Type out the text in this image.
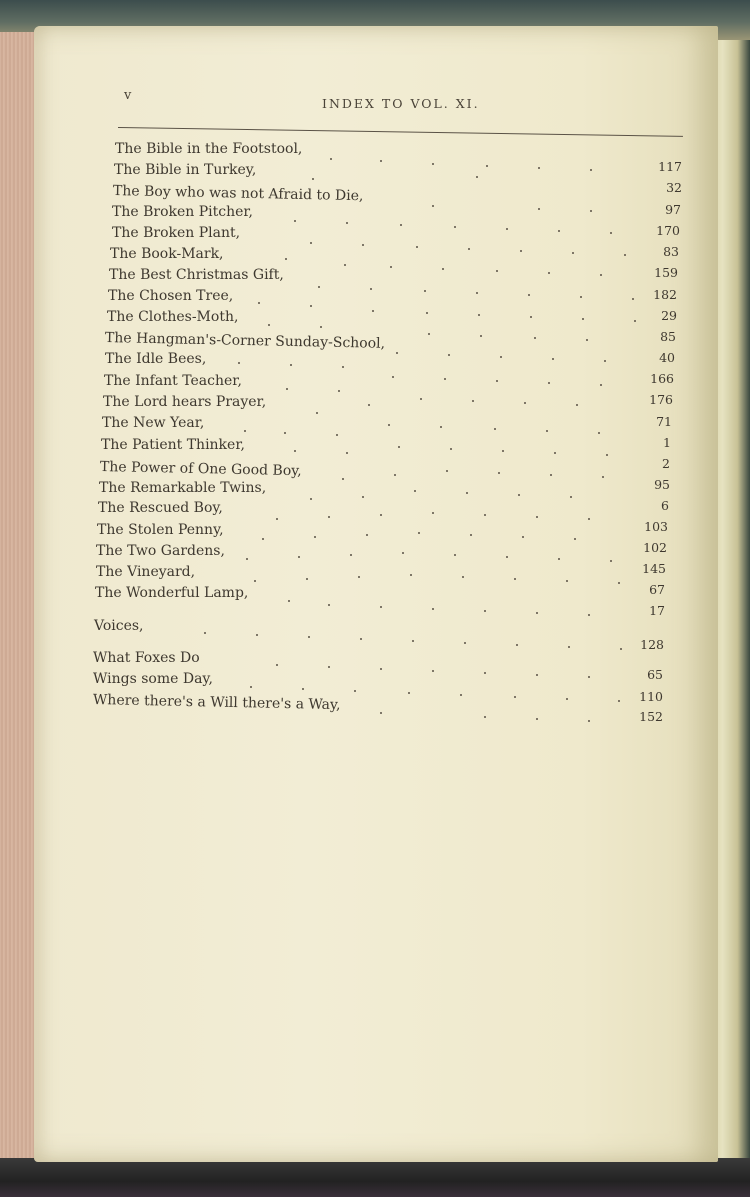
v
INDEX TO VOL. XI.
The Bible in the Footstool,
The Bible in Turkey,
The Boy who was not Afraid to Die,
The Broken Pitcher,
The Broken Plant,
The Book-Mark,
The Best Christmas Gift,
The Chosen Tree,
The Clothes-Moth,
The Hangman's-Corner Sunday-School,
The Idle Bees,
The Infant Teacher,
The Lord hears Prayer,
The New Year,
The Patient Thinker,
The Power of One Good Boy,
The Remarkable Twins,
The Rescued Boy,
The Stolen Penny,
The Two Gardens,
The Vineyard,
The Wonderful Lamp,
Voices,
What Foxes Do
Wings some Day,
Where there's a Will there's a Way,
117
32
97
170
83
159
182
29
85
40
166
176
71
1
2
95
6
103
102
145
67
17
128
65
110
152
